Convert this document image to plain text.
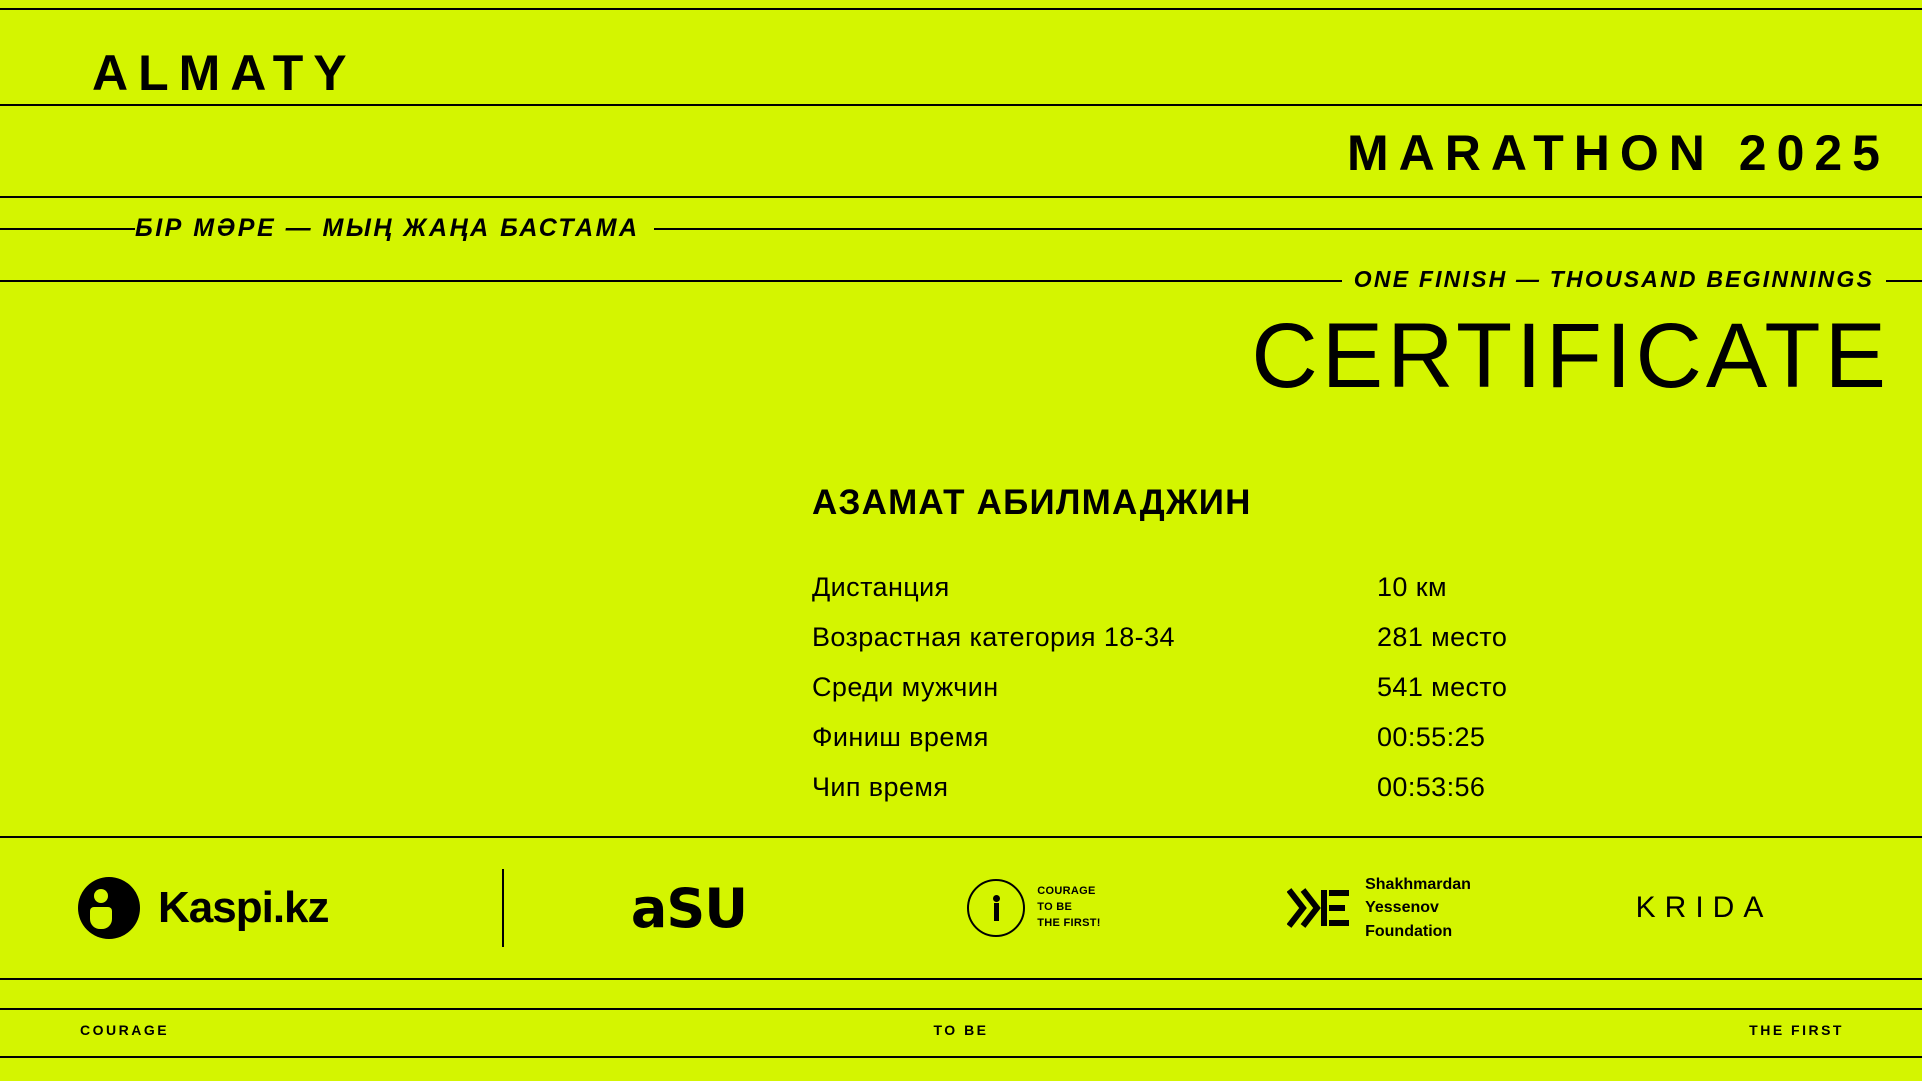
ALMATY
MARATHON 2025
БІР МӘРЕ — МЫҢ ЖАҢА БАСТАМА
ONE FINISH — THOUSAND BEGINNINGS
CERTIFICATE
АЗАМАТ АБИЛМАДЖИН
Дистанция	10 км
Возрастная категория 18-34	281 место
Среди мужчин	541 место
Финиш время	00:55:25
Чип время	00:53:56
Kaspi.kz	aSU	COURAGE
TO BE
THE FIRST!
Shakhmardan
Yessenov
Foundation
KRIDA
COURAGE	TO BE	THE FIRST
